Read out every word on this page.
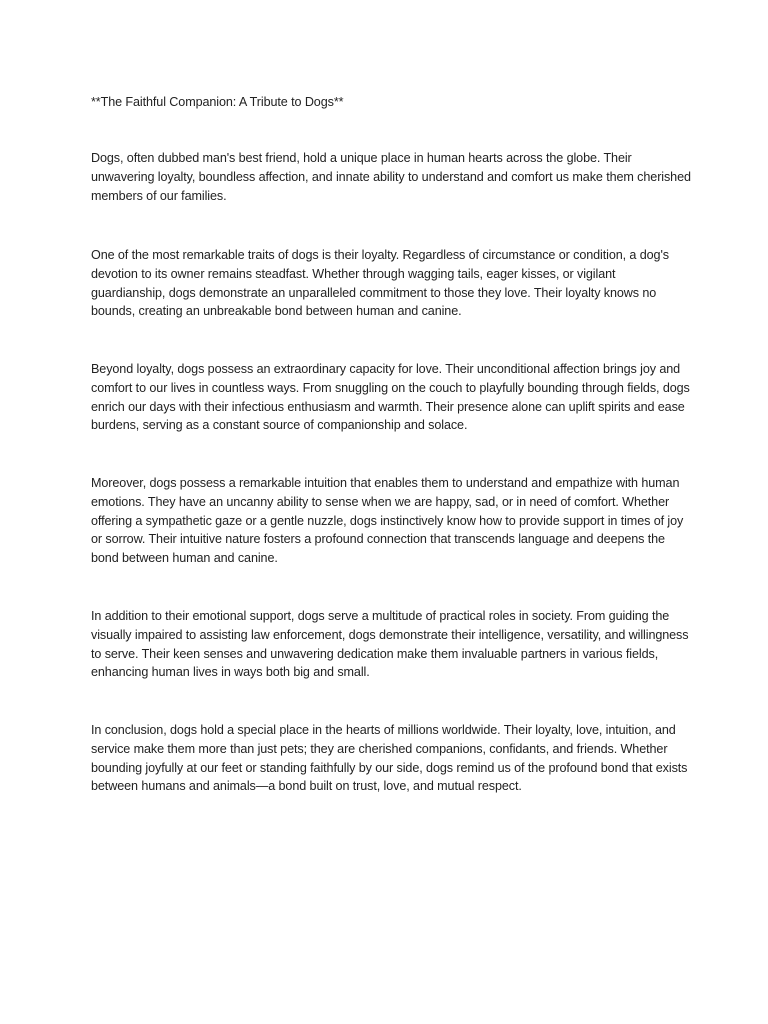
**The Faithful Companion: A Tribute to Dogs**

Dogs, often dubbed man's best friend, hold a unique place in human hearts across the globe. Their unwavering loyalty, boundless affection, and innate ability to understand and comfort us make them cherished members of our families.

One of the most remarkable traits of dogs is their loyalty. Regardless of circumstance or condition, a dog's devotion to its owner remains steadfast. Whether through wagging tails, eager kisses, or vigilant guardianship, dogs demonstrate an unparalleled commitment to those they love. Their loyalty knows no bounds, creating an unbreakable bond between human and canine.

Beyond loyalty, dogs possess an extraordinary capacity for love. Their unconditional affection brings joy and comfort to our lives in countless ways. From snuggling on the couch to playfully bounding through fields, dogs enrich our days with their infectious enthusiasm and warmth. Their presence alone can uplift spirits and ease burdens, serving as a constant source of companionship and solace.

Moreover, dogs possess a remarkable intuition that enables them to understand and empathize with human emotions. They have an uncanny ability to sense when we are happy, sad, or in need of comfort. Whether offering a sympathetic gaze or a gentle nuzzle, dogs instinctively know how to provide support in times of joy or sorrow. Their intuitive nature fosters a profound connection that transcends language and deepens the bond between human and canine.

In addition to their emotional support, dogs serve a multitude of practical roles in society. From guiding the visually impaired to assisting law enforcement, dogs demonstrate their intelligence, versatility, and willingness to serve. Their keen senses and unwavering dedication make them invaluable partners in various fields, enhancing human lives in ways both big and small.

In conclusion, dogs hold a special place in the hearts of millions worldwide. Their loyalty, love, intuition, and service make them more than just pets; they are cherished companions, confidants, and friends. Whether bounding joyfully at our feet or standing faithfully by our side, dogs remind us of the profound bond that exists between humans and animals—a bond built on trust, love, and mutual respect.
